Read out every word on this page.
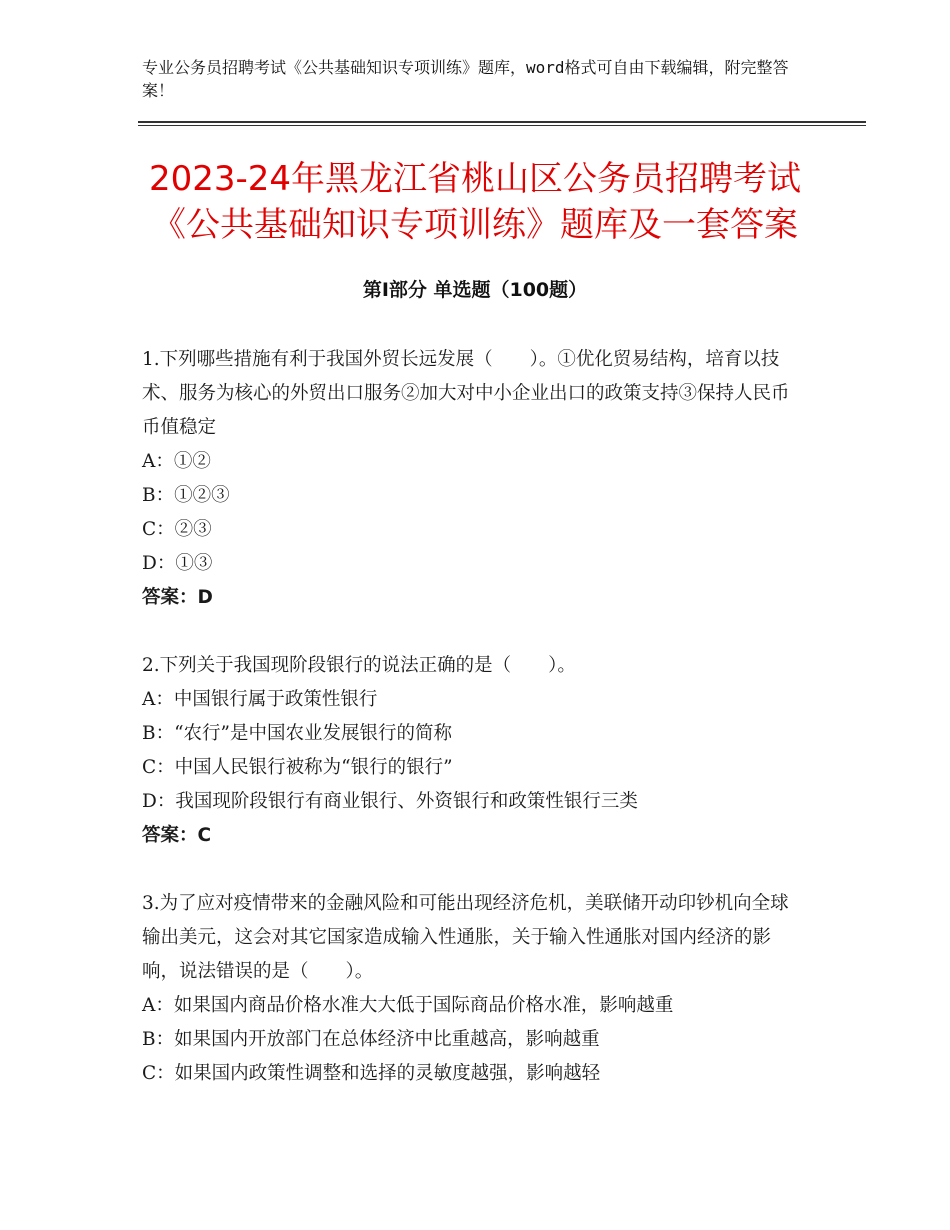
专业公务员招聘考试《公共基础知识专项训练》题库，word格式可自由下载编辑，附完整答案！
2023-24年黑龙江省桃山区公务员招聘考试
《公共基础知识专项训练》题库及一套答案
第Ⅰ部分 单选题（100题）
1.下列哪些措施有利于我国外贸长远发展（　　）。①优化贸易结构，培育以技术、服务为核心的外贸出口服务②加大对中小企业出口的政策支持③保持人民币币值稳定
A：①②
B：①②③
C：②③
D：①③
答案：D
2.下列关于我国现阶段银行的说法正确的是（　　）。
A：中国银行属于政策性银行
B：“农行”是中国农业发展银行的简称
C：中国人民银行被称为“银行的银行”
D：我国现阶段银行有商业银行、外资银行和政策性银行三类
答案：C
3.为了应对疫情带来的金融风险和可能出现经济危机，美联储开动印钞机向全球输出美元，这会对其它国家造成输入性通胀，关于输入性通胀对国内经济的影响，说法错误的是（　　）。
A：如果国内商品价格水准大大低于国际商品价格水准，影响越重
B：如果国内开放部门在总体经济中比重越高，影响越重
C：如果国内政策性调整和选择的灵敏度越强，影响越轻
